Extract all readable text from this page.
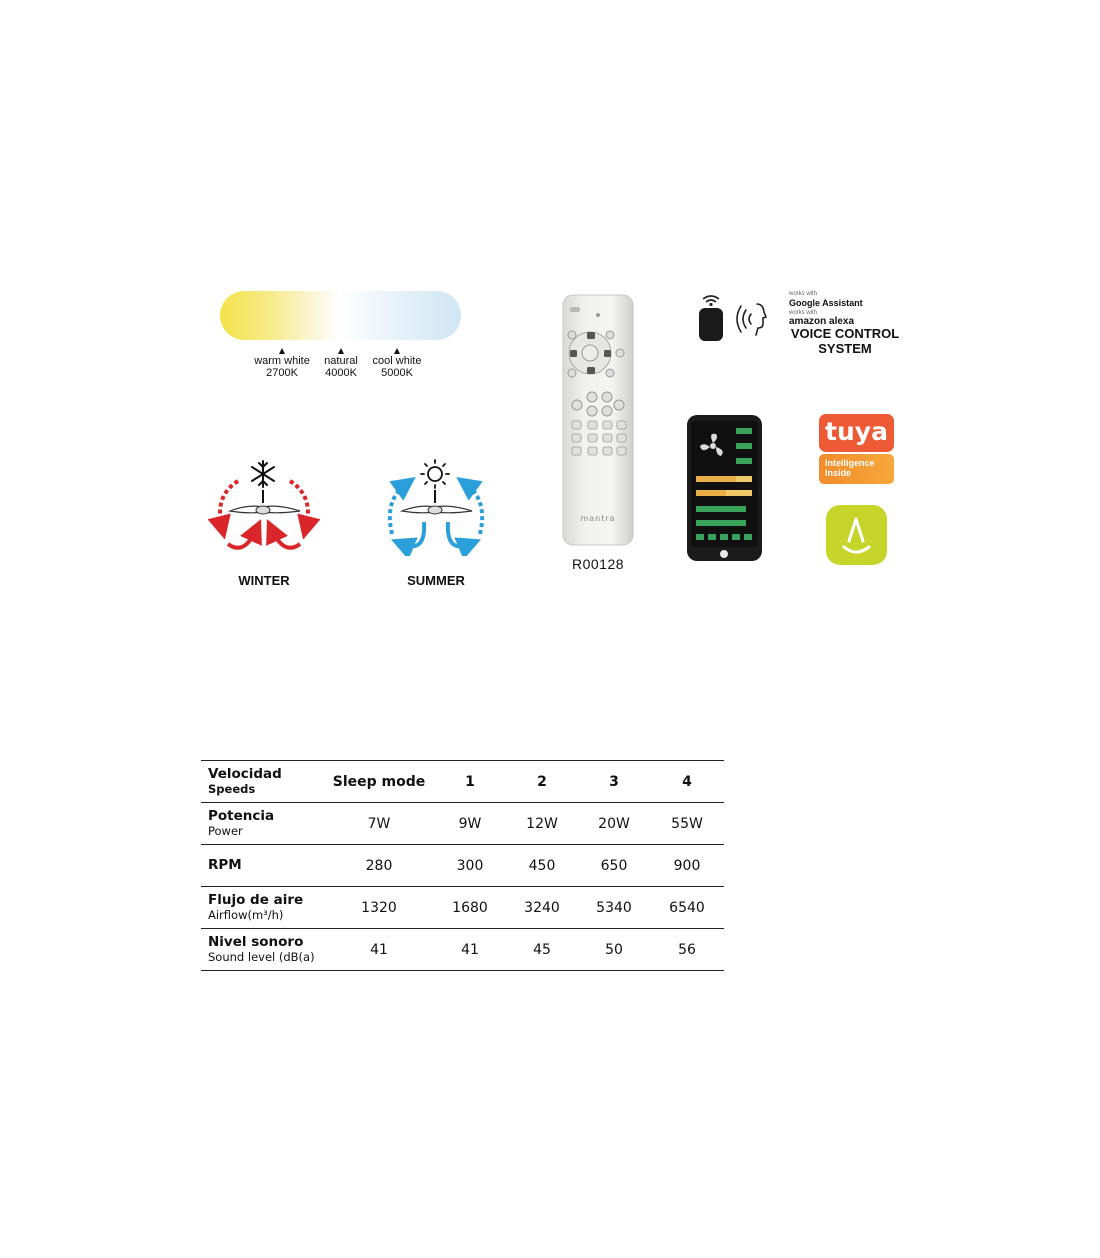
warm white
2700K
natural
4000K
cool white
5000K
WINTER	SUMMER
mantra
R00128
works with
Google Assistant
works with
amazon alexa
VOICE CONTROL
SYSTEM
tuya
Intelligence
Inside
Velocidad
Speeds	Sleep mode	1	2	3	4

Potencia
Power	7W	9W	12W	20W	55W

RPM	280	300	450	650	900

Flujo de aire
Airflow(m³/h)	1320	1680	3240	5340	6540

Nivel sonoro
Sound level (dB(a)	41	41	45	50	56
